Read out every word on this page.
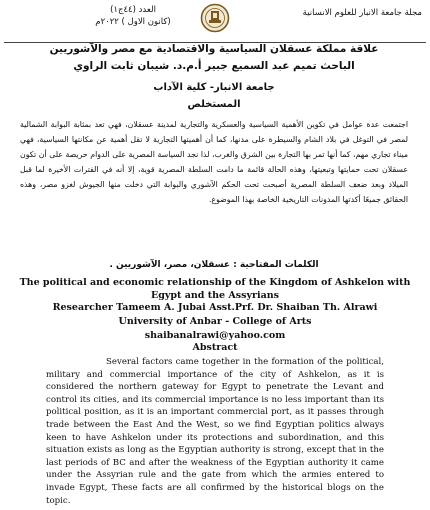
العدد (٤٤ج١)
(كانون الاول ) ٢٠٢٢م
مجلة جامعة الانبار للعلوم الانسانية
علاقة مملكة عسقلان السياسية والاقتصادية مع مصر والآشوريين
الباحث تميم عبد السميع جبير أ.م.د. شيبان ثابت الراوي
جامعة الانبار- كلية الآداب
المستخلص
اجتمعت عدة عوامل في تكوين الأهمية السياسية والعسكرية والتجارية لمدينة عسقلان، فهي تعد بمثابة البوابة الشمالية لمصر في التوغل في بلاد الشام والسيطرة على مدنها، كما أن أهميتها التجارية لا تقل أهمية عن مكانتها السياسية، فهي ميناء تجاري مهم، كما أنها تمر بها التجارة بين الشرق والغرب، لذا نجد السياسة المصرية على الدوام حريصة على أن تكون عسقلان تحت حمايتها وتبعيتها، وهذه الحالة قائمة ما دامت السلطة المصرية قوية، إلا أنه في الفترات الأخيرة لما قبل الميلاد وبعد ضعف السلطة المصرية أصبحت تحت الحكم الآشوري والبوابة التي دخلت منها الجيوش لغزو مصر، وهذه الحقائق جميعًا أكدتها المدونات التاريخية الخاصة بهذا الموضوع.
الكلمات المفتاحية : عسقلان، مصر، الآشوريين .
The political and economic relationship of the Kingdom of Ashkelon with Egypt and the Assyrians
Researcher Tameem A. Jubai Asst.Prf. Dr. Shaiban Th. Alrawi
University of Anbar - College of Arts
shaibanalrawi@yahoo.com
Abstract
Several factors came together in the formation of the political, military and commercial importance of the city of Ashkelon, as it is considered the northern gateway for Egypt to penetrate the Levant and control its cities, and its commercial importance is no less important than its political position, as it is an important commercial port, as it passes through trade between the East And the West, so we find Egyptian politics always keen to have Ashkelon under its protections and subordination, and this situation exists as long as the Egyptian authority is strong, except that in the last periods of BC and after the weakness of the Egyptian authority it came under the Assyrian rule and the gate from which the armies entered to invade Egypt, These facts are all confirmed by the historical blogs on the topic.
